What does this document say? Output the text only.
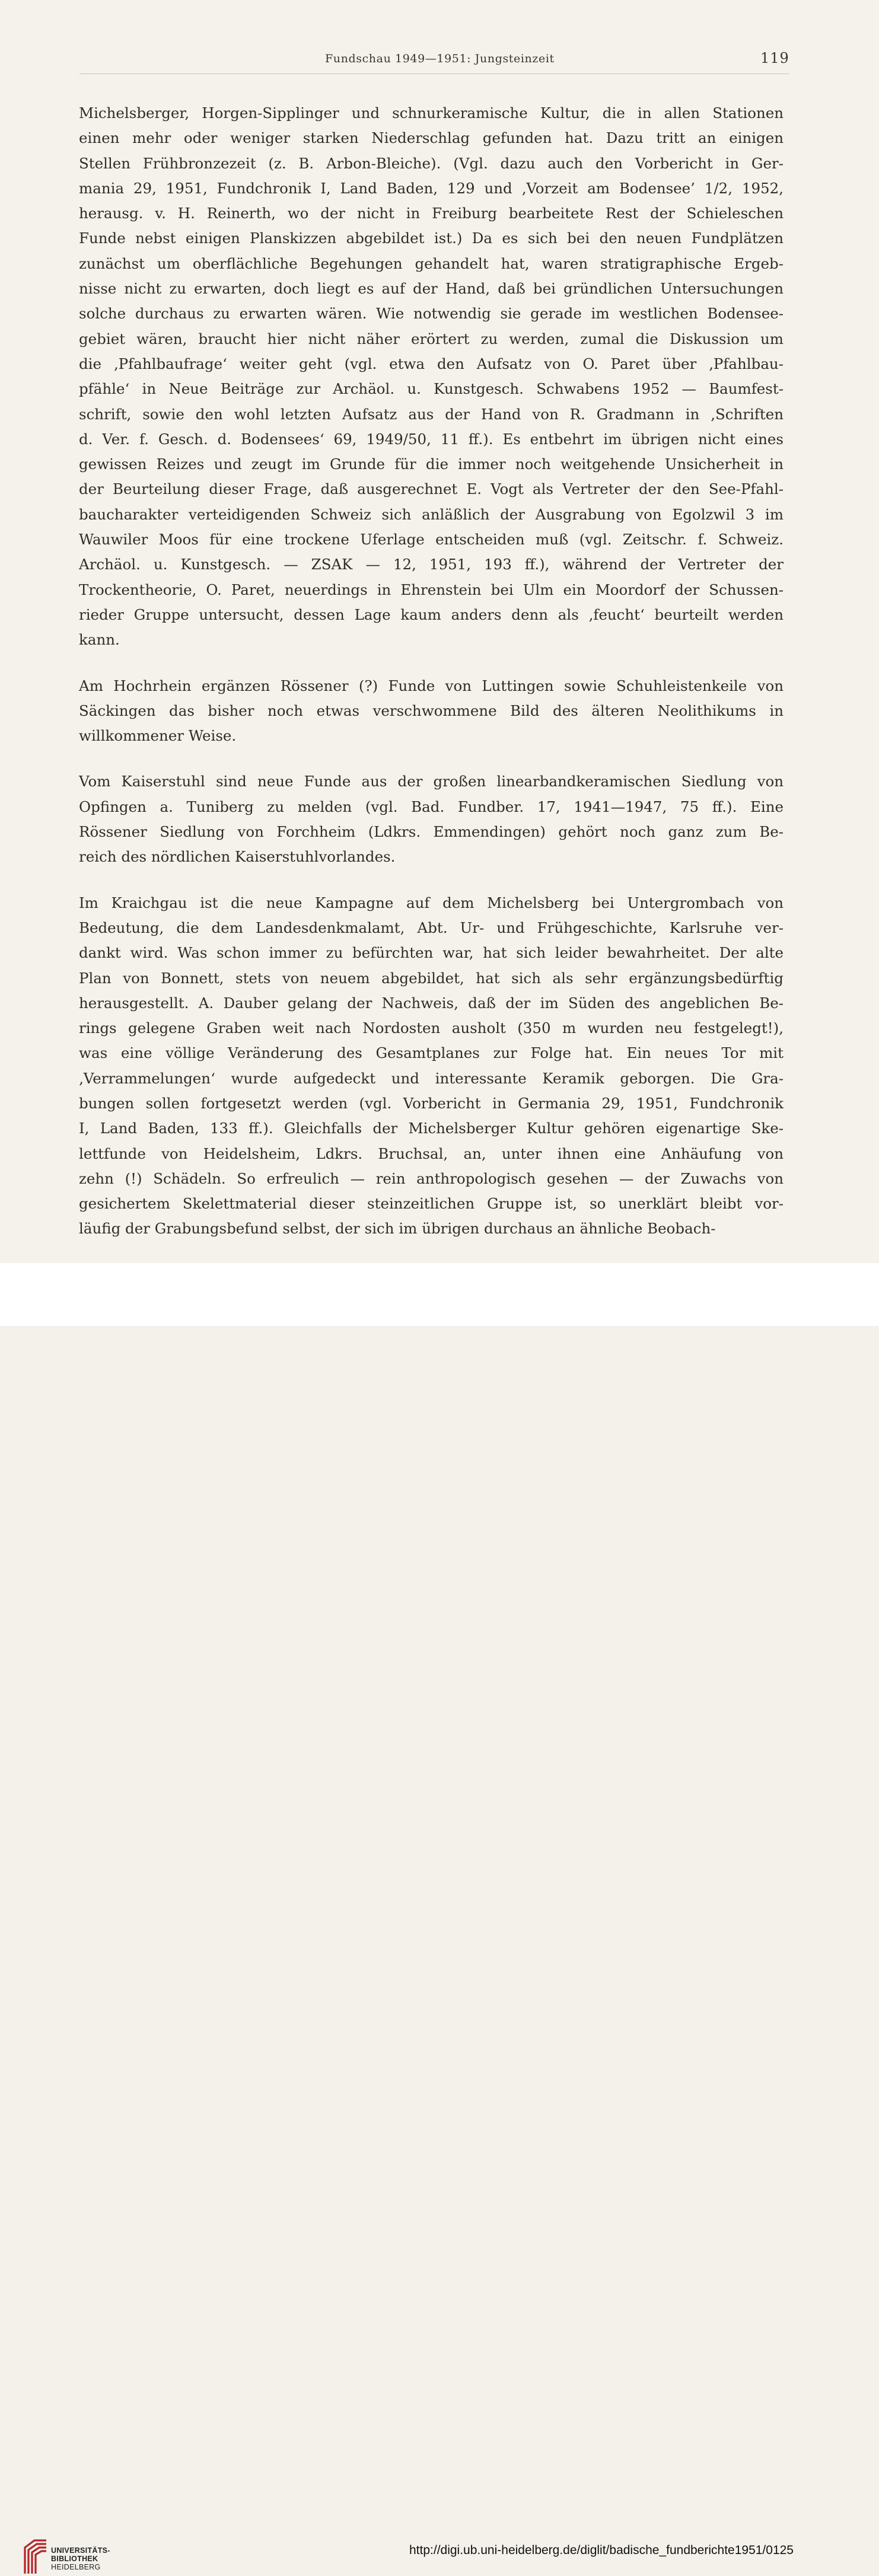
Fundschau 1949—1951: Jungsteinzeit	119

Michelsberger, Horgen-Sipplinger und schnurkeramische Kultur, die in allen Stationen
einen mehr oder weniger starken Niederschlag gefunden hat. Dazu tritt an einigen
Stellen Frühbronzezeit (z. B. Arbon-Bleiche). (Vgl. dazu auch den Vorbericht in Ger-
mania 29, 1951, Fundchronik I, Land Baden, 129 und ‚Vorzeit am Bodensee’ 1/2, 1952,
herausg. v. H. Reinerth, wo der nicht in Freiburg bearbeitete Rest der Schieleschen
Funde nebst einigen Planskizzen abgebildet ist.) Da es sich bei den neuen Fundplätzen
zunächst um oberflächliche Begehungen gehandelt hat, waren stratigraphische Ergeb-
nisse nicht zu erwarten, doch liegt es auf der Hand, daß bei gründlichen Untersuchungen
solche durchaus zu erwarten wären. Wie notwendig sie gerade im westlichen Bodensee-
gebiet wären, braucht hier nicht näher erörtert zu werden, zumal die Diskussion um
die ‚Pfahlbaufrage‘ weiter geht (vgl. etwa den Aufsatz von O. Paret über ‚Pfahlbau-
pfähle‘ in Neue Beiträge zur Archäol. u. Kunstgesch. Schwabens 1952 — Baumfest-
schrift, sowie den wohl letzten Aufsatz aus der Hand von R. Gradmann in ‚Schriften
d. Ver. f. Gesch. d. Bodensees‘ 69, 1949/50, 11 ff.). Es entbehrt im übrigen nicht eines
gewissen Reizes und zeugt im Grunde für die immer noch weitgehende Unsicherheit in
der Beurteilung dieser Frage, daß ausgerechnet E. Vogt als Vertreter der den See-Pfahl-
baucharakter verteidigenden Schweiz sich anläßlich der Ausgrabung von Egolzwil 3 im
Wauwiler Moos für eine trockene Uferlage entscheiden muß (vgl. Zeitschr. f. Schweiz.
Archäol. u. Kunstgesch. — ZSAK — 12, 1951, 193 ff.), während der Vertreter der
Trockentheorie, O. Paret, neuerdings in Ehrenstein bei Ulm ein Moordorf der Schussen-
rieder Gruppe untersucht, dessen Lage kaum anders denn als ‚feucht‘ beurteilt werden
kann.

Am Hochrhein ergänzen Rössener (?) Funde von Luttingen sowie Schuhleistenkeile von
Säckingen das bisher noch etwas verschwommene Bild des älteren Neolithikums in
willkommener Weise.

Vom Kaiserstuhl sind neue Funde aus der großen linearbandkeramischen Siedlung von
Opfingen a. Tuniberg zu melden (vgl. Bad. Fundber. 17, 1941—1947, 75 ff.). Eine
Rössener Siedlung von Forchheim (Ldkrs. Emmendingen) gehört noch ganz zum Be-
reich des nördlichen Kaiserstuhlvorlandes.

Im Kraichgau ist die neue Kampagne auf dem Michelsberg bei Untergrombach von
Bedeutung, die dem Landesdenkmalamt, Abt. Ur- und Frühgeschichte, Karlsruhe ver-
dankt wird. Was schon immer zu befürchten war, hat sich leider bewahrheitet. Der alte
Plan von Bonnett, stets von neuem abgebildet, hat sich als sehr ergänzungsbedürftig
herausgestellt. A. Dauber gelang der Nachweis, daß der im Süden des angeblichen Be-
rings gelegene Graben weit nach Nordosten ausholt (350 m wurden neu festgelegt!),
was eine völlige Veränderung des Gesamtplanes zur Folge hat. Ein neues Tor mit
‚Verrammelungen‘ wurde aufgedeckt und interessante Keramik geborgen. Die Gra-
bungen sollen fortgesetzt werden (vgl. Vorbericht in Germania 29, 1951, Fundchronik
I, Land Baden, 133 ff.). Gleichfalls der Michelsberger Kultur gehören eigenartige Ske-
lettfunde von Heidelsheim, Ldkrs. Bruchsal, an, unter ihnen eine Anhäufung von
zehn (!) Schädeln. So erfreulich — rein anthropologisch gesehen — der Zuwachs von
gesichertem Skelettmaterial dieser steinzeitlichen Gruppe ist, so unerklärt bleibt vor-
läufig der Grabungsbefund selbst, der sich im übrigen durchaus an ähnliche Beobach-

UNIVERSITÄTS-
BIBLIOTHEK
HEIDELBERG
http://digi.ub.uni-heidelberg.de/diglit/badische_fundberichte1951/0125
